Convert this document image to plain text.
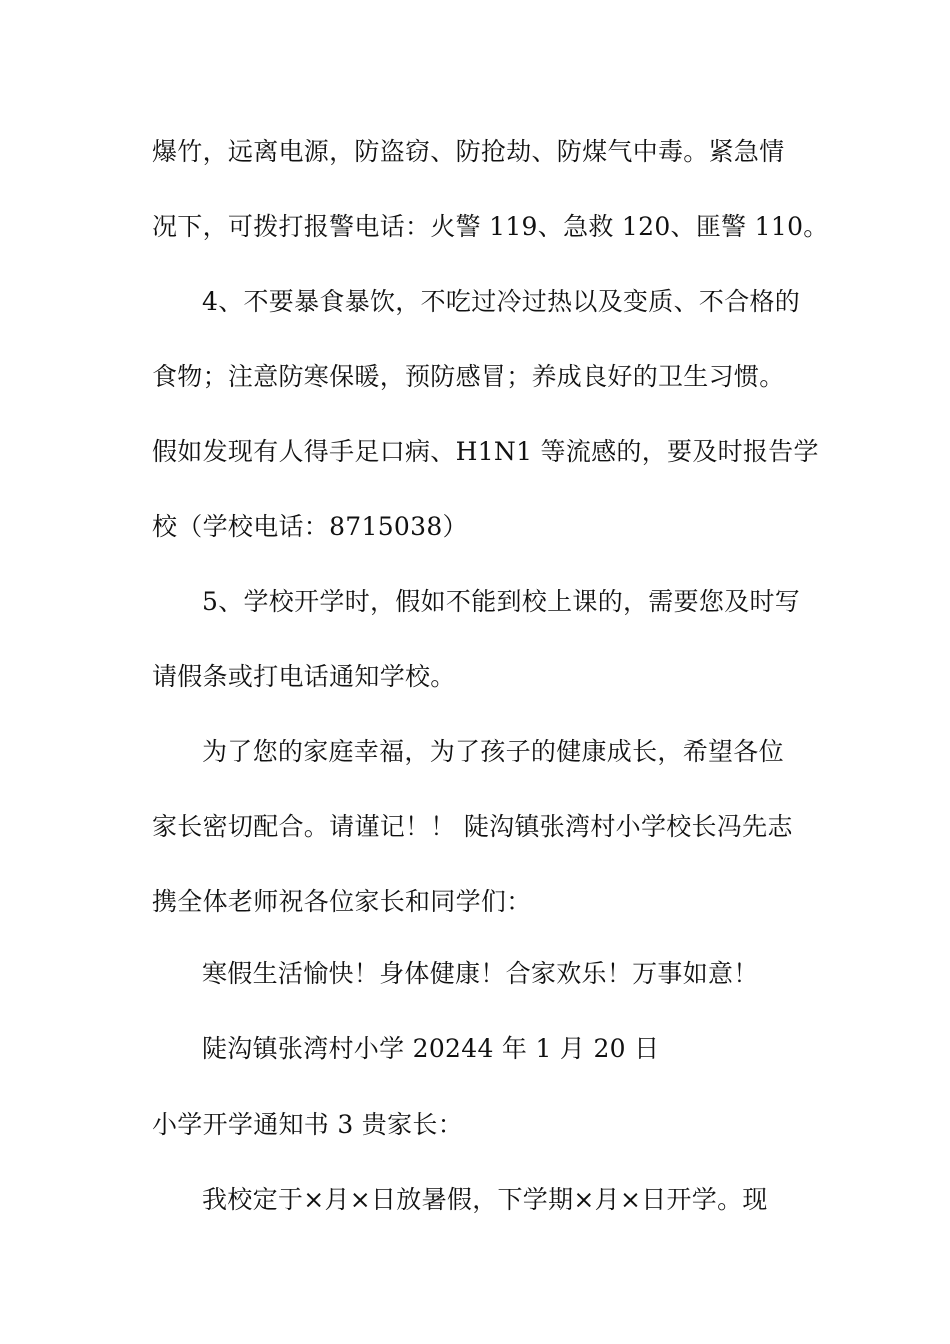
爆竹，远离电源，防盗窃、防抢劫、防煤气中毒。紧急情

况下，可拨打报警电话：火警 119、急救 120、匪警 110。

4、不要暴食暴饮，不吃过冷过热以及变质、不合格的

食物；注意防寒保暖，预防感冒；养成良好的卫生习惯。

假如发现有人得手足口病、H1N1 等流感的，要及时报告学

校（学校电话：8715038）

5、学校开学时，假如不能到校上课的，需要您及时写

请假条或打电话通知学校。

为了您的家庭幸福，为了孩子的健康成长，希望各位

家长密切配合。请谨记！！ 陡沟镇张湾村小学校长冯先志

携全体老师祝各位家长和同学们：

寒假生活愉快！身体健康！合家欢乐！万事如意！

陡沟镇张湾村小学 20244 年 1 月 20 日

小学开学通知书 3 贵家长：

我校定于×月×日放暑假，下学期×月×日开学。现
